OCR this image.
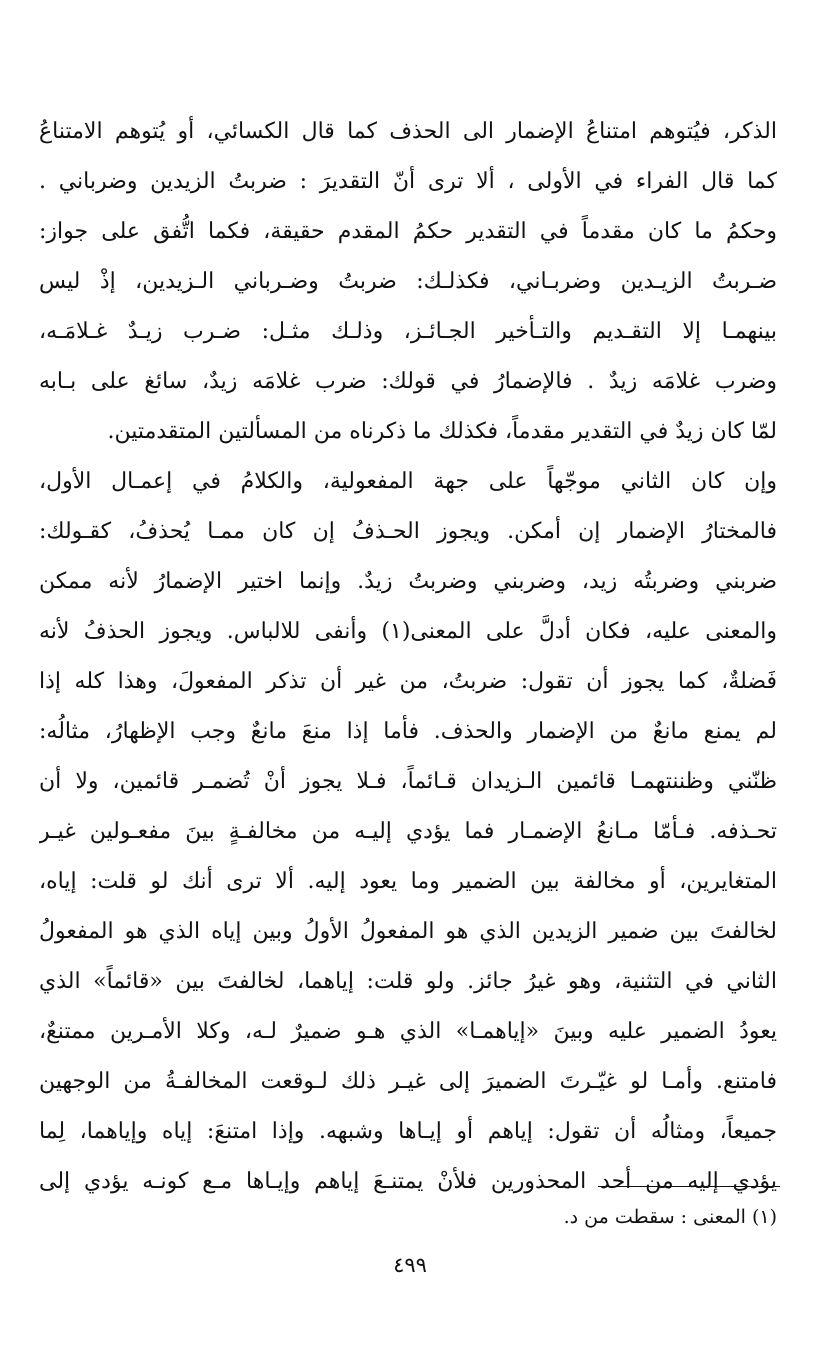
الذكر، فيُتوهم امتناعُ الإضمار الى الحذف كما قال الكسائي، أو يُتوهم الامتناعُ
كما قال الفراء في الأولى ، ألا ترى أنّ التقديرَ : ضربتُ الزيدين وضرباني .
وحكمُ ما كان مقدماً في التقدير حكمُ المقدم حقيقة، فكما اتُّفق على جواز:
ضـربتُ الزيـدين وضربـاني، فكذلـك: ضربتُ وضـرباني الـزيدين، إذْ ليس
بينهمـا إلا التقـديم والتـأخير الجـائـز، وذلـك مثـل: ضـرب زيـدٌ غـلامَـه،
وضرب غلامَه زيدٌ . فالإضمارُ في قولك: ضرب غلامَه زيدٌ، سائغ على بـابه
لمّا كان زيدٌ في التقدير مقدماً، فكذلك ما ذكرناه من المسألتين المتقدمتين.
وإن كان الثاني موجّهاً على جهة المفعولية، والكلامُ في إعمـال الأول،
فالمختارُ الإضمار إن أمكن. ويجوز الحـذفُ إن كان ممـا يُحذفُ، كقـولك:
ضربني وضربتُه زيد، وضربني وضربتُ زيدٌ. وإنما اختير الإضمارُ لأنه ممكن
والمعنى عليه، فكان أدلَّ على المعنى(١) وأنفى للالباس. ويجوز الحذفُ لأنه
فَضلةٌ، كما يجوز أن تقول: ضربتُ، من غير أن تذكر المفعولَ، وهذا كله إذا
لم يمنع مانعٌ من الإضمار والحذف. فأما إذا منعَ مانعٌ وجب الإظهارُ، مثالُه:
ظنّني وظننتهمـا قائمين الـزيدان قـائماً، فـلا يجوز أنْ تُضمـر قائمين، ولا أن
تحـذفه. فـأمّا مـانعُ الإضمـار فما يؤدي إليـه من مخالفـةٍ بينَ مفعـولين غيـر
المتغايرين، أو مخالفة بين الضمير وما يعود إليه. ألا ترى أنك لو قلت: إياه،
لخالفتَ بين ضمير الزيدين الذي هو المفعولُ الأولُ وبين إياه الذي هو المفعولُ
الثاني في التثنية، وهو غيرُ جائز. ولو قلت: إياهما، لخالفتَ بين «قائماً» الذي
يعودُ الضمير عليه وبينَ «إياهمـا» الذي هـو ضميرٌ لـه، وكلا الأمـرين ممتنعٌ،
فامتنع. وأمـا لو غيّـرتَ الضميرَ إلى غيـر ذلك لـوقعت المخالفـةُ من الوجهين
جميعاً، ومثالُه أن تقول: إياهم أو إيـاها وشبهه. وإذا امتنعَ: إياه وإياهما، لِما
يؤدي إليه من أحد المحذورين فلأنْ يمتنـعَ إياهم وإيـاها مـع كونـه يؤدي إلى
(١) المعنى : سقطت من د.
٤٩٩
